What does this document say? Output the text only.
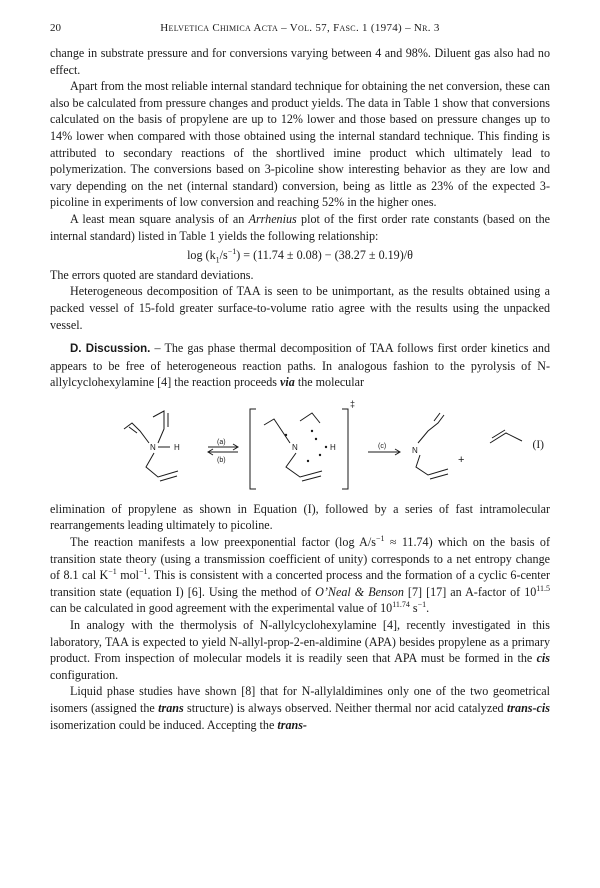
20	Helvetica Chimica Acta – Vol. 57, Fasc. 1 (1974) – Nr. 3

change in substrate pressure and for conversions varying between 4 and 98%. Diluent gas also had no effect.

Apart from the most reliable internal standard technique for obtaining the net conversion, these can also be calculated from pressure changes and product yields. The data in Table 1 show that conversions calculated on the basis of propylene are up to 12% lower and those based on pressure changes up to 14% lower when compared with those obtained using the internal standard technique. This finding is attributed to secondary reactions of the shortlived imine product which ultimately lead to polymerization. The conversions based on 3-picoline show interesting behavior as they are low and vary depending on the net (internal standard) conversion, being as little as 23% of the expected 3-picoline in experiments of low conversion and reaching 52% in the higher ones.

A least mean square analysis of an Arrhenius plot of the first order rate constants (based on the internal standard) listed in Table 1 yields the following relationship:

$\log (k_1/s^{-1}) = (11.74 \pm 0.08) - (38.27 \pm 0.19)/\theta$

The errors quoted are standard deviations.

Heterogeneous decomposition of TAA is seen to be unimportant, as the results obtained using a packed vessel of 15-fold greater surface-to-volume ratio agree with the results using the unpacked vessel.

D. Discussion. – The gas phase thermal decomposition of TAA follows first order kinetics and appears to be free of heterogeneous reaction paths. In analogous fashion to the pyrolysis of N-allylcyclohexylamine [4] the reaction proceeds via the molecular

N H
(a)
(b)
N	H	(c)	N
+
‡
(I)

elimination of propylene as shown in Equation (I), followed by a series of fast intramolecular rearrangements leading ultimately to picoline.

The reaction manifests a low preexponential factor (log $A/s^{-1} \approx 11.74$) which on the basis of transition state theory (using a transmission coefficient of unity) corresponds to a net entropy change of 8.1 cal $K^{-1}$ mol$^{-1}$. This is consistent with a concerted process and the formation of a cyclic 6-center transition state (equation I) [6]. Using the method of O’Neal & Benson [7] [17] an A-factor of $10^{11.5}$ can be calculated in good agreement with the experimental value of $10^{11.74}$ $s^{-1}$.

In analogy with the thermolysis of N-allylcyclohexylamine [4], recently investigated in this laboratory, TAA is expected to yield N-allyl-prop-2-en-aldimine (APA) besides propylene as a primary product. From inspection of molecular models it is readily seen that APA must be formed in the cis configuration.

Liquid phase studies have shown [8] that for N-allylaldimines only one of the two geometrical isomers (assigned the trans structure) is always observed. Neither thermal nor acid catalyzed trans-cis isomerization could be induced. Accepting the trans-
